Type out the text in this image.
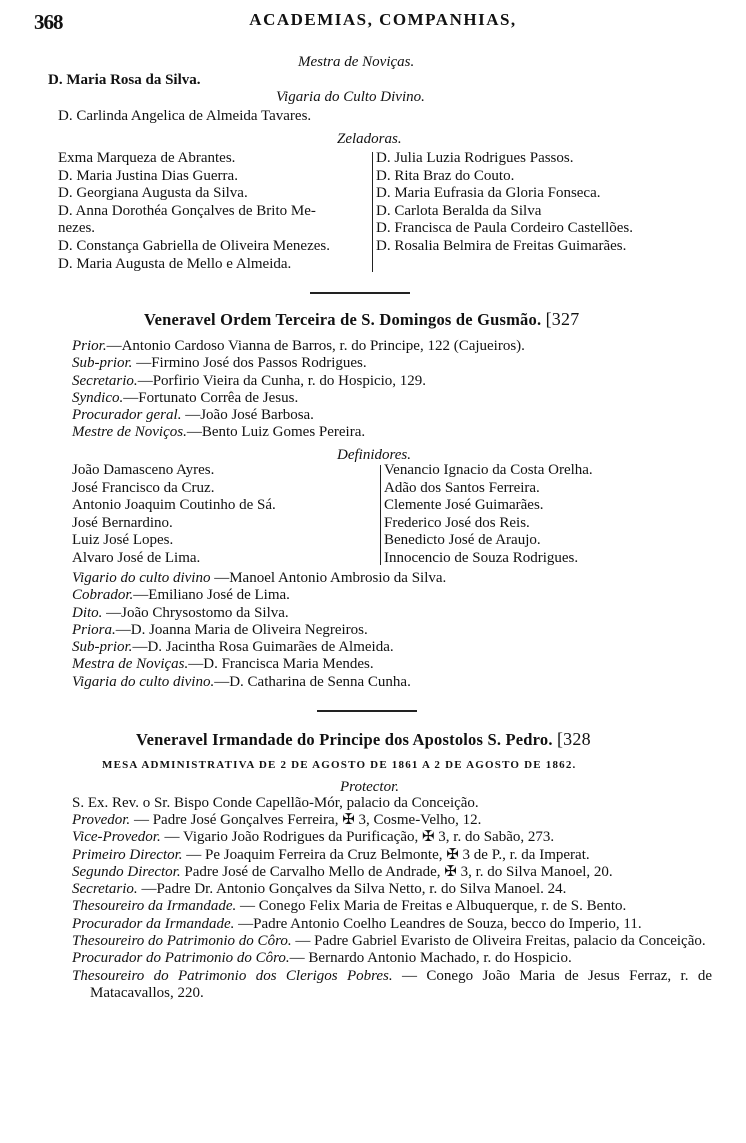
368	ACADEMIAS, COMPANHIAS,
Mestra de Noviças.
D. Maria Rosa da Silva.
Vigaria do Culto Divino.
D. Carlinda Angelica de Almeida Tavares.
Zeladoras.
Exma Marqueza de Abrantes.
D. Maria Justina Dias Guerra.
D. Georgiana Augusta da Silva.
D. Anna Dorothéa Gonçalves de Brito Me-
nezes.
D. Constança Gabriella de Oliveira Menezes.
D. Maria Augusta de Mello e Almeida.
D. Julia Luzia Rodrigues Passos.
D. Rita Braz do Couto.
D. Maria Eufrasia da Gloria Fonseca.
D. Carlota Beralda da Silva
D. Francisca de Paula Cordeiro Castellões.
D. Rosalia Belmira de Freitas Guimarães.
Veneravel Ordem Terceira de S. Domingos de Gusmão. [327
Prior.—Antonio Cardoso Vianna de Barros, r. do Principe, 122 (Cajueiros).
Sub-prior. —Firmino José dos Passos Rodrigues.
Secretario.—Porfirio Vieira da Cunha, r. do Hospicio, 129.
Syndico.—Fortunato Corrêa de Jesus.
Procurador geral. —João José Barbosa.
Mestre de Noviços.—Bento Luiz Gomes Pereira.
Definidores.
João Damasceno Ayres.
José Francisco da Cruz.
Antonio Joaquim Coutinho de Sá.
José Bernardino.
Luiz José Lopes.
Alvaro José de Lima.
Venancio Ignacio da Costa Orelha.
Adão dos Santos Ferreira.
Clemente José Guimarães.
Frederico José dos Reis.
Benedicto José de Araujo.
Innocencio de Souza Rodrigues.
Vigario do culto divino —Manoel Antonio Ambrosio da Silva.
Cobrador.—Emiliano José de Lima.
Dito. —João Chrysostomo da Silva.
Priora.—D. Joanna Maria de Oliveira Negreiros.
Sub-prior.—D. Jacintha Rosa Guimarães de Almeida.
Mestra de Noviças.—D. Francisca Maria Mendes.
Vigaria do culto divino.—D. Catharina de Senna Cunha.
Veneravel Irmandade do Principe dos Apostolos S. Pedro. [328
MESA ADMINISTRATIVA DE 2 DE AGOSTO DE 1861 A 2 DE AGOSTO DE 1862.
Protector.
S. Ex. Rev. o Sr. Bispo Conde Capellão-Mór, palacio da Conceição.
Provedor. — Padre José Gonçalves Ferreira, ✠ 3, Cosme-Velho, 12.
Vice-Provedor. — Vigario João Rodrigues da Purificação, ✠ 3, r. do Sabão, 273.
Primeiro Director. — Pe Joaquim Ferreira da Cruz Belmonte, ✠ 3 de P., r. da Imperat.
Segundo Director. Padre José de Carvalho Mello de Andrade, ✠ 3, r. do Silva Manoel, 20.
Secretario. —Padre Dr. Antonio Gonçalves da Silva Netto, r. do Silva Manoel. 24.
Thesoureiro da Irmandade. — Conego Felix Maria de Freitas e Albuquerque, r. de S. Bento.
Procurador da Irmandade. —Padre Antonio Coelho Leandres de Souza, becco do Imperio, 11.
Thesoureiro do Patrimonio do Côro. — Padre Gabriel Evaristo de Oliveira Freitas, palacio da Conceição.
Procurador do Patrimonio do Côro.— Bernardo Antonio Machado, r. do Hospicio.
Thesoureiro do Patrimonio dos Clerigos Pobres. — Conego João Maria de Jesus Ferraz, r. de Matacavallos, 220.
